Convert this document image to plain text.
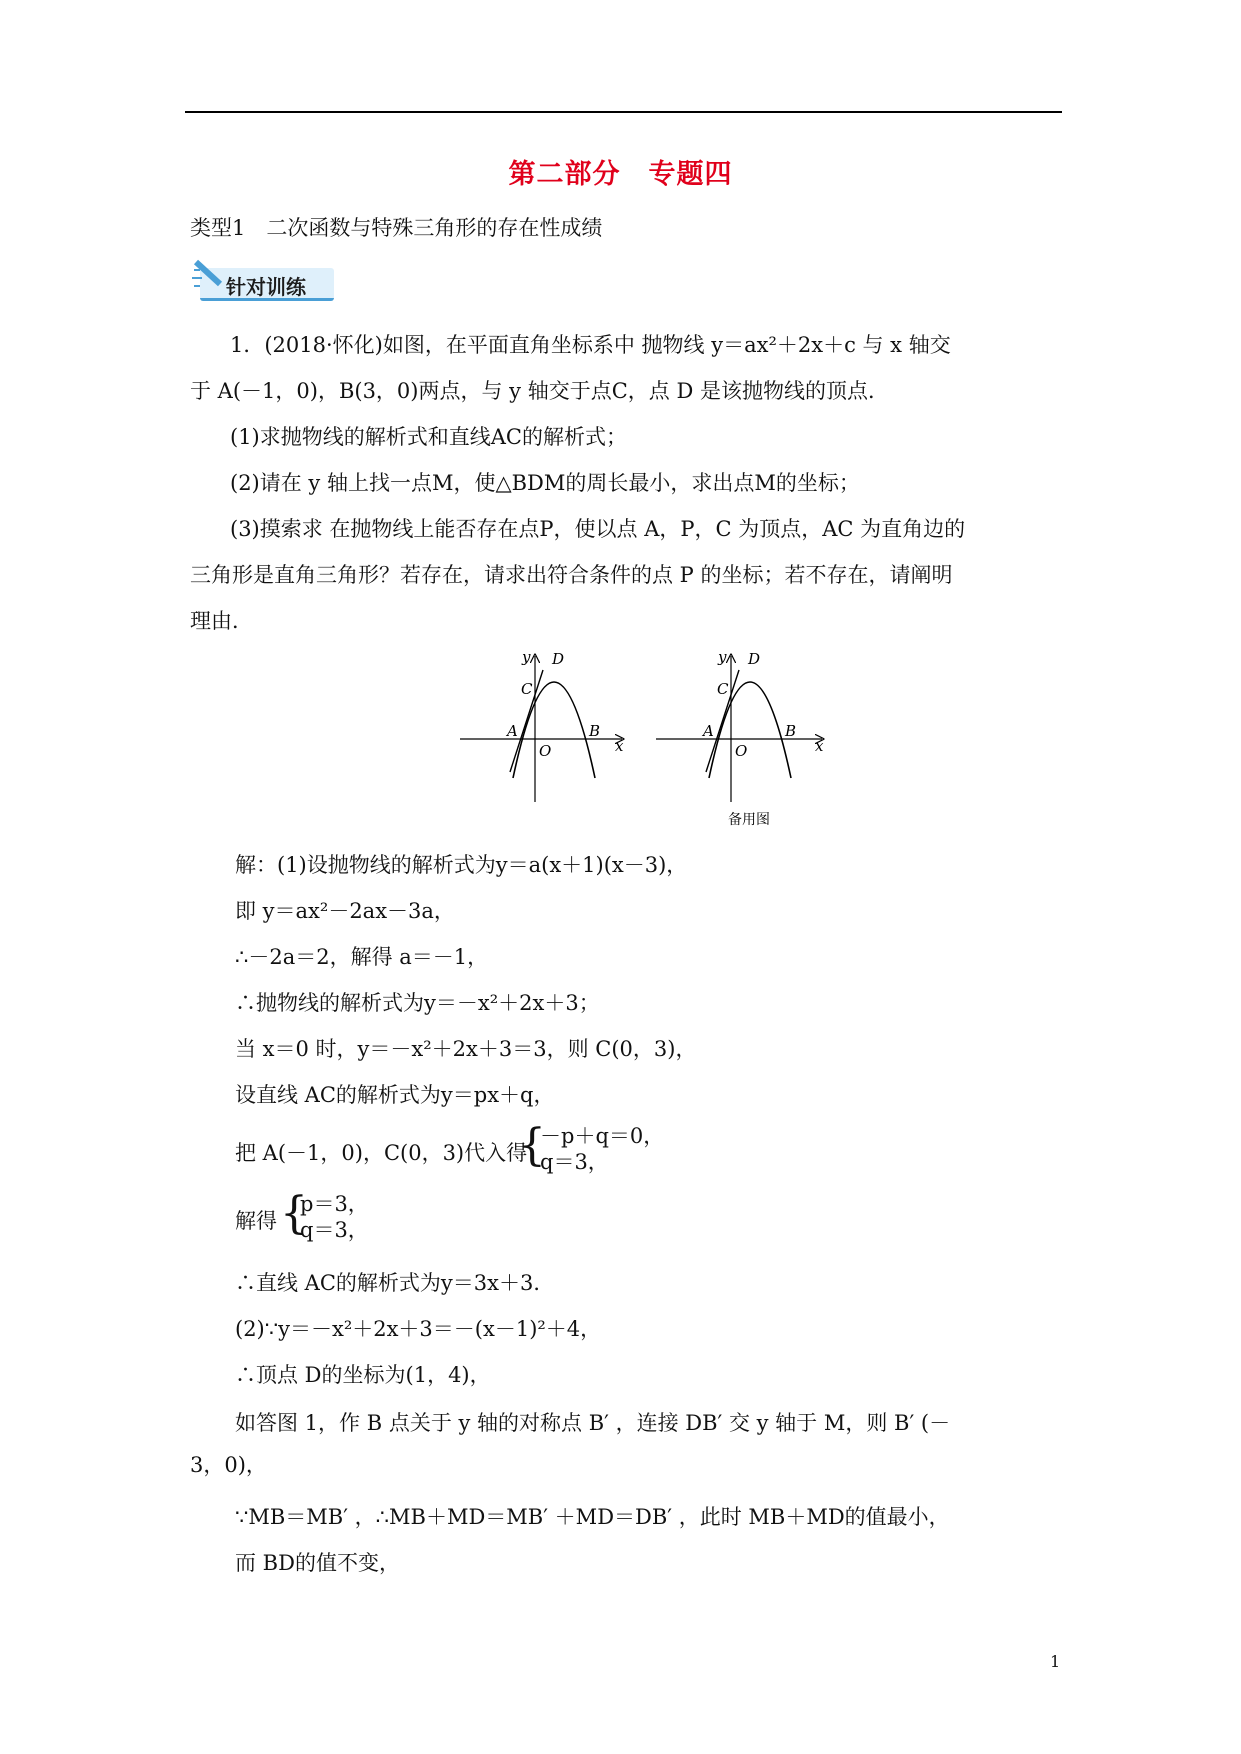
第二部分　专题四
类型1　二次函数与特殊三角形的存在性成绩
针对训练
1．(2018·怀化)如图，在平面直角坐标系中 抛物线 y＝ax²＋2x＋c 与 x 轴交
于 A(－1，0)，B(3，0)两点，与 y 轴交于点C，点 D 是该抛物线的顶点．
(1)求抛物线的解析式和直线AC的解析式；
(2)请在 y 轴上找一点M，使△BDM的周长最小，求出点M的坐标；
(3)摸索求 在抛物线上能否存在点P，使以点 A，P，C 为顶点，AC 为直角边的
三角形是直角三角形？若存在，请求出符合条件的点 P 的坐标；若不存在，请阐明
理由．
y D
C
A	B
O	x
y D
C
A	B
O	x
备用图
解：(1)设抛物线的解析式为y＝a(x＋1)(x－3)，
即 y＝ax²－2ax－3a，
∴－2a＝2，解得 a＝－1，
∴抛物线的解析式为y＝－x²＋2x＋3；
当 x＝0 时，y＝－x²＋2x＋3＝3，则 C(0，3)，
设直线 AC的解析式为y＝px＋q，
把 A(－1，0)，C(0，3)代入得
{
－p＋q＝0，
q＝3，
解得 {
p＝3，
q＝3，
∴直线 AC的解析式为y＝3x＋3．
(2)∵y＝－x²＋2x＋3＝－(x－1)²＋4，
∴顶点 D的坐标为(1，4)，
如答图 1，作 B 点关于 y 轴的对称点 B′ ，连接 DB′ 交 y 轴于 M，则 B′ (－
3，0)，
∵MB＝MB′ ，∴MB＋MD＝MB′ ＋MD＝DB′ ，此时 MB＋MD的值最小，
而 BD的值不变，
1
